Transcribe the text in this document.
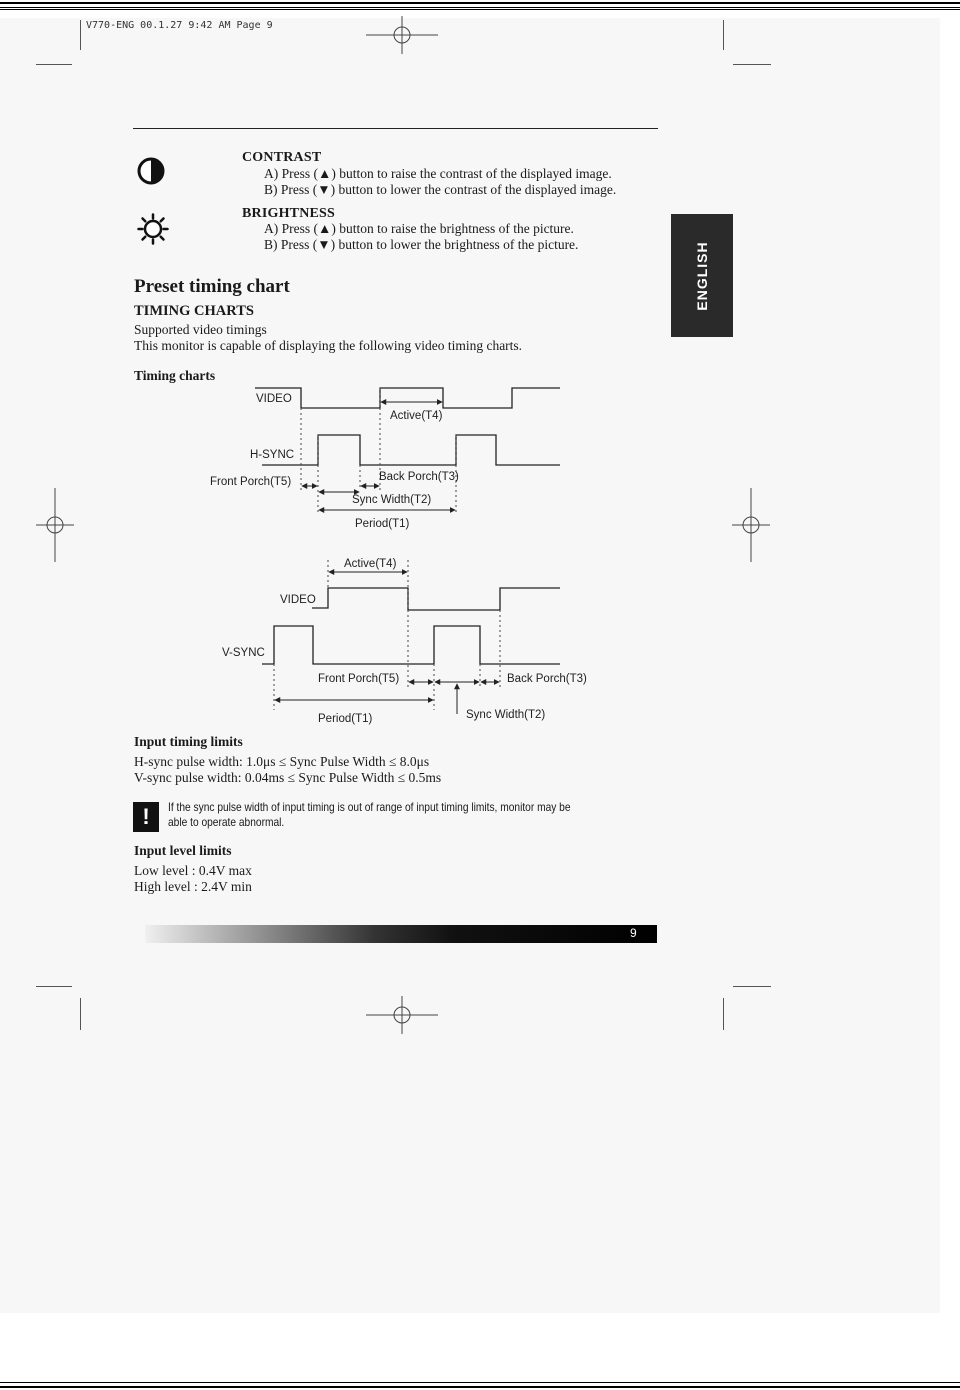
V770-ENG 00.1.27 9:42 AM Page 9
CONTRAST
A) Press (▲) button to raise the contrast of the displayed image.
B) Press (▼) button to lower the contrast of the displayed image.
BRIGHTNESS
A) Press (▲) button to raise the brightness of the picture.
B) Press (▼) button to lower the brightness of the picture.	ENGLISH
Preset timing chart
TIMING CHARTS
Supported video timings
This monitor is capable of displaying the following video timing charts.
Timing charts
VIDEO
Active(T4)
H-SYNC
Front Porch(T5)	Back Porch(T3)
Sync Width(T2)
Period(T1)
Active(T4)
VIDEO
V-SYNC
Front Porch(T5)	Back Porch(T3)
Period(T1)	Sync Width(T2)
Input timing limits
H-sync pulse width: 1.0μs ≤ Sync Pulse Width ≤ 8.0μs
V-sync pulse width: 0.04ms ≤ Sync Pulse Width ≤ 0.5ms
!	If the sync pulse width of input timing is out of range of input timing limits, monitor may be able to operate abnormal.
Input level limits
Low level : 0.4V max
High level : 2.4V min
9
